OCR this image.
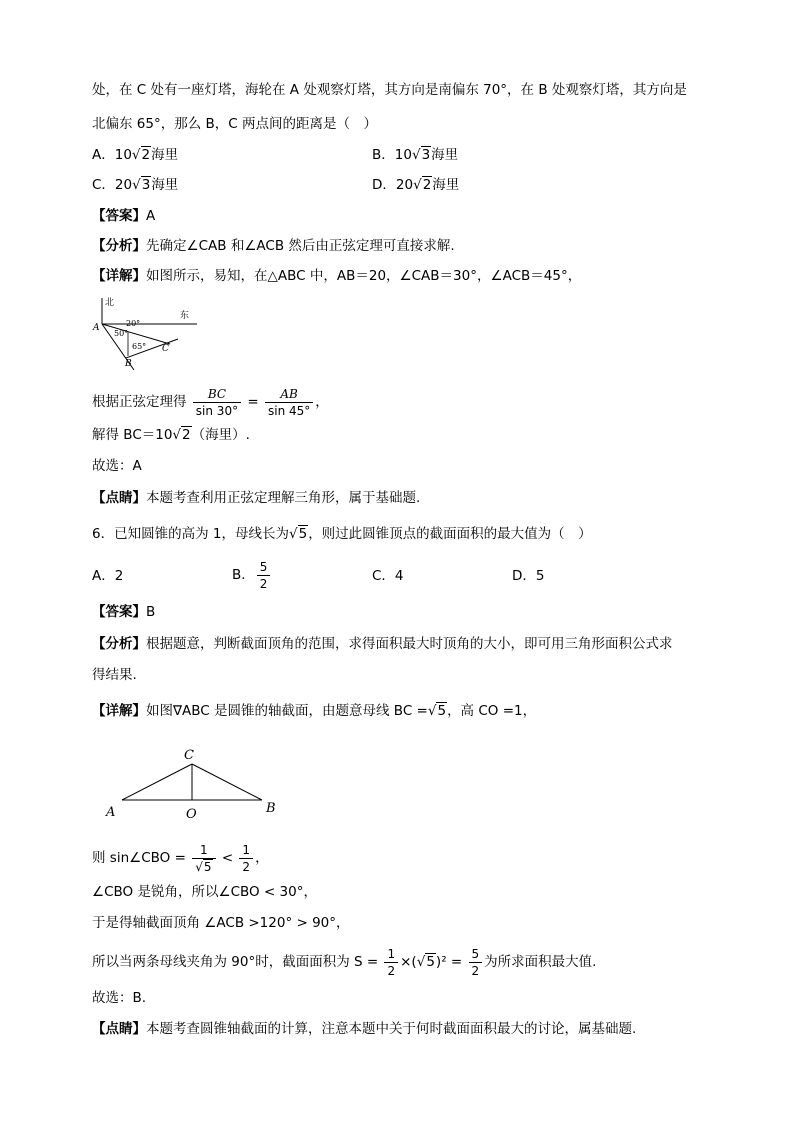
处，在 C 处有一座灯塔，海轮在 A 处观察灯塔，其方向是南偏东 70°，在 B 处观察灯塔，其方向是
北偏东 65°，那么 B，C 两点间的距离是（　）
A．10√2海里	B．10√3海里
C．20√3海里	D．20√2海里
【答案】A
【分析】先确定∠CAB 和∠ACB 然后由正弦定理可直接求解.
【详解】如图所示，易知，在△ABC 中，AB＝20，∠CAB＝30°，∠ACB＝45°，
北
东
A
B
C
20°
50°
65°
根据正弦定理得 $\frac{BC}{\sin 30^\circ} = \frac{AB}{\sin 45^\circ}$ ，
解得 BC＝10√2（海里）.
故选：A
【点睛】本题考查利用正弦定理解三角形，属于基础题.
6．已知圆锥的高为 1，母线长为√5，则过此圆锥顶点的截面面积的最大值为（　）
A．2	B． $\frac{5}{2}$	C．4	D．5
【答案】B
【分析】根据题意，判断截面顶角的范围，求得面积最大时顶角的大小，即可用三角形面积公式求
得结果.
【详解】如图∇ABC 是圆锥的轴截面，由题意母线 BC =√5，高 CO =1，
C
A	O	B
则 sin∠CBO = $\frac{1}{√5} < \frac{1}{2}$ ，
∠CBO 是锐角，所以∠CBO < 30°，
于是得轴截面顶角 ∠ACB >120° > 90°，
所以当两条母线夹角为 90°时，截面面积为 $S = \frac{1}{2} \times(√5)^2 = \frac{5}{2}$ 为所求面积最大值.
故选：B.
【点睛】本题考查圆锥轴截面的计算，注意本题中关于何时截面面积最大的讨论，属基础题.
